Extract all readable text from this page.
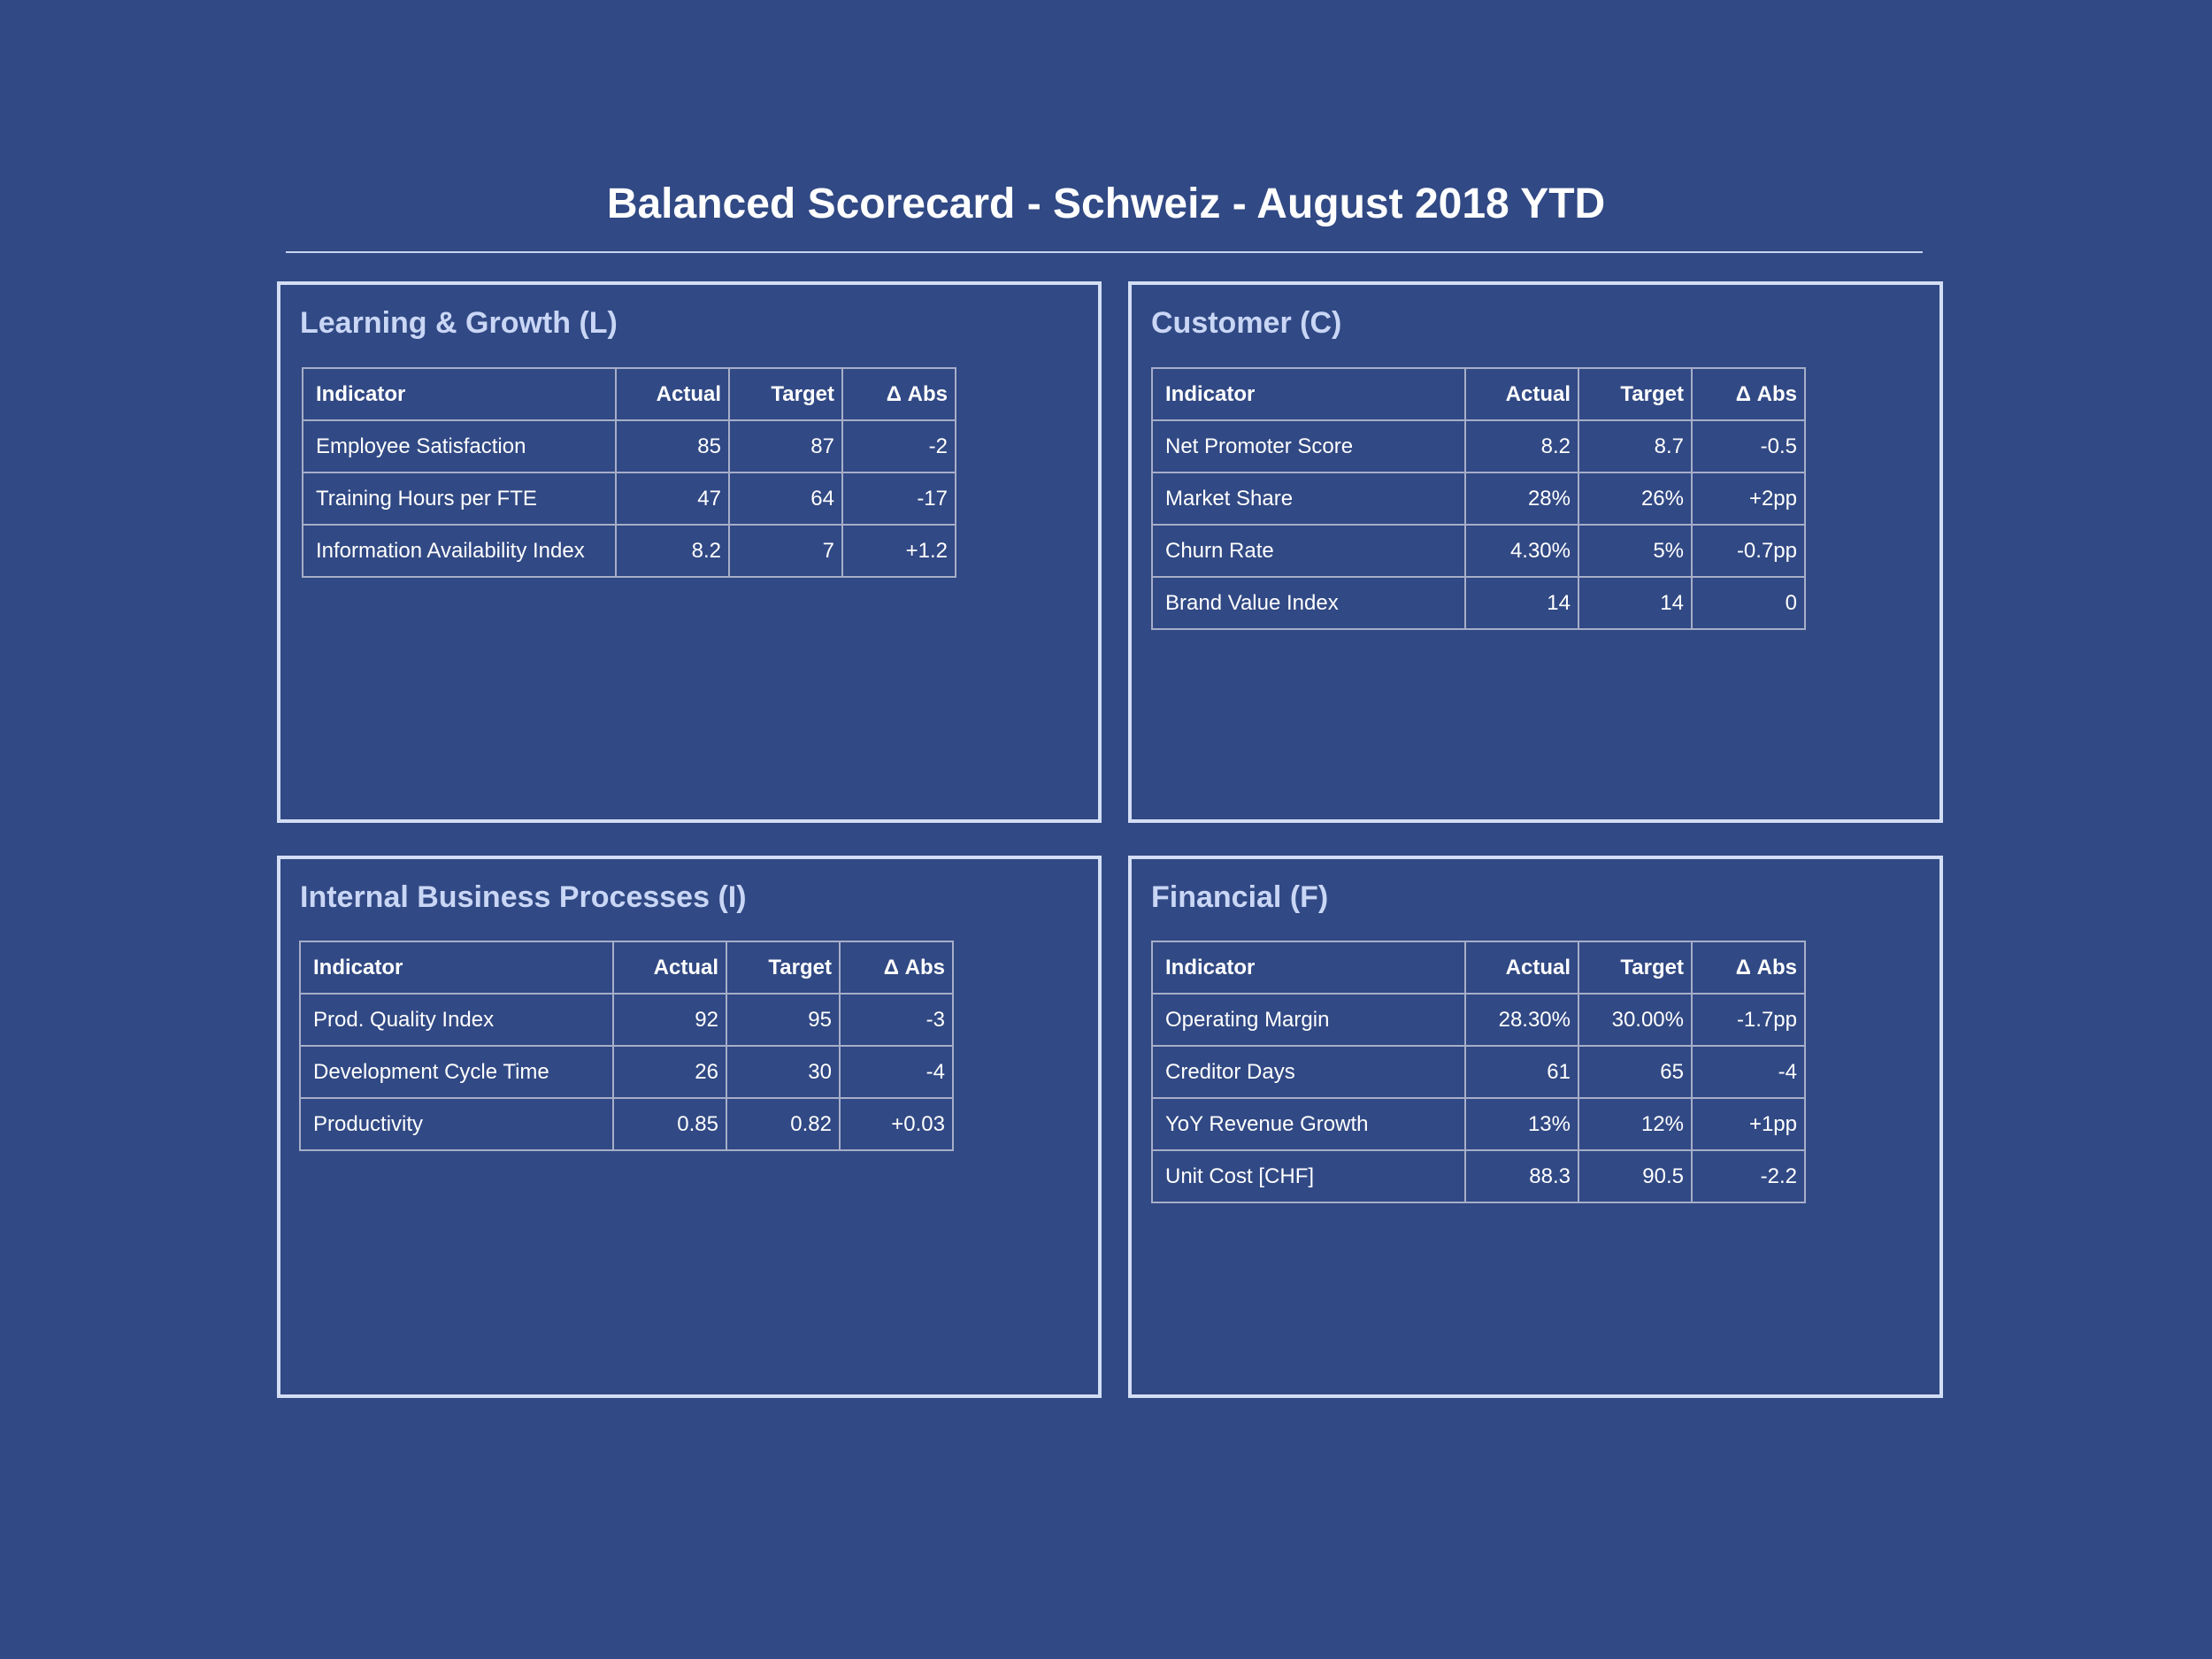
Balanced Scorecard - Schweiz - August 2018 YTD
Learning & Growth (L)
Indicator	Actual	Target	Δ Abs
Employee Satisfaction	85	87	-2
Training Hours per FTE	47	64	-17
Information Availability Index	8.2	7	+1.2
Customer (C)
Indicator	Actual	Target	Δ Abs
Net Promoter Score	8.2	8.7	-0.5
Market Share	28%	26%	+2pp
Churn Rate	4.30%	5%	-0.7pp
Brand Value Index	14	14	0
Internal Business Processes (I)
Indicator	Actual	Target	Δ Abs
Prod. Quality Index	92	95	-3
Development Cycle Time	26	30	-4
Productivity	0.85	0.82	+0.03
Financial (F)
Indicator	Actual	Target	Δ Abs
Operating Margin	28.30%	30.00%	-1.7pp
Creditor Days	61	65	-4
YoY Revenue Growth	13%	12%	+1pp
Unit Cost [CHF]	88.3	90.5	-2.2
